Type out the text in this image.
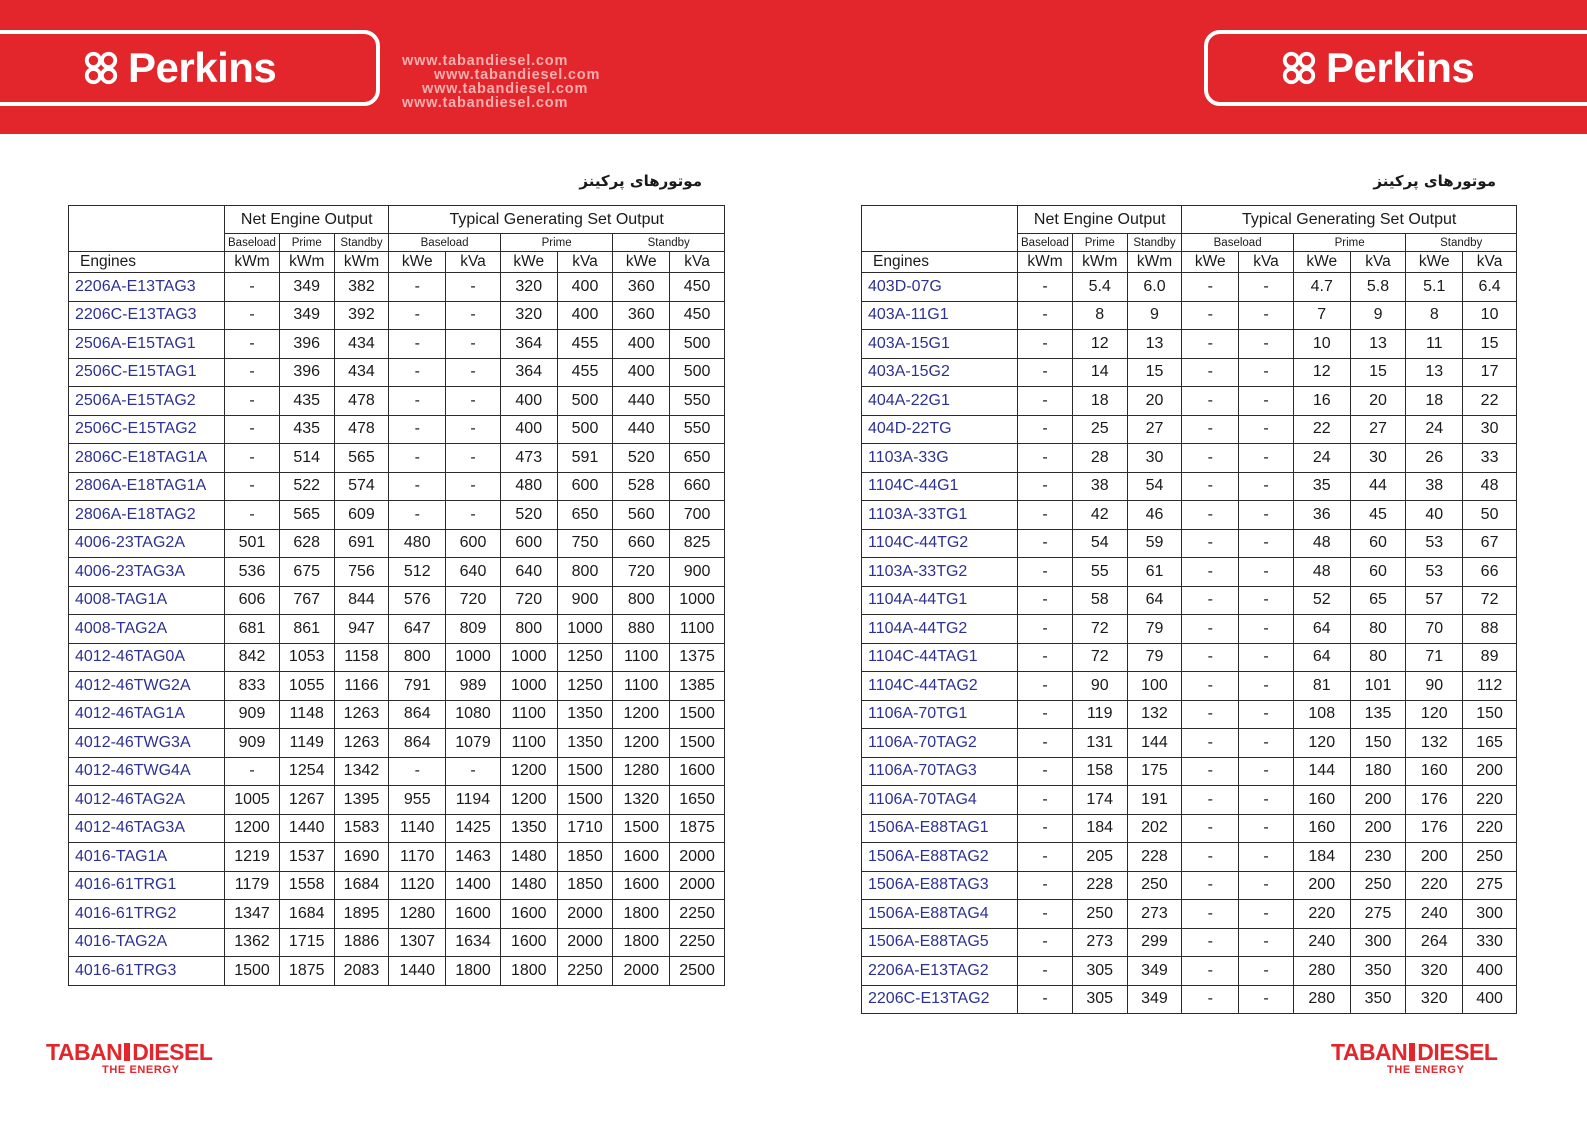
Perkins	www.tabandiesel.com
www.tabandiesel.com
www.tabandiesel.com
www.tabandiesel.com
Perkins
موتورهای پرکینز	موتورهای پرکینز
	Net Engine Output			Typical Generating Set Output					
	Baseload	Prime	Standby	Baseload		Prime		Standby	
Engines	kWm	kWm	kWm	kWe	kVa	kWe	kVa	kWe	kVa
2206A-E13TAG3	-	349	382	-	-	320	400	360	450
2206C-E13TAG3	-	349	392	-	-	320	400	360	450
2506A-E15TAG1	-	396	434	-	-	364	455	400	500
2506C-E15TAG1	-	396	434	-	-	364	455	400	500
2506A-E15TAG2	-	435	478	-	-	400	500	440	550
2506C-E15TAG2	-	435	478	-	-	400	500	440	550
2806C-E18TAG1A	-	514	565	-	-	473	591	520	650
2806A-E18TAG1A	-	522	574	-	-	480	600	528	660
2806A-E18TAG2	-	565	609	-	-	520	650	560	700
4006-23TAG2A	501	628	691	480	600	600	750	660	825
4006-23TAG3A	536	675	756	512	640	640	800	720	900
4008-TAG1A	606	767	844	576	720	720	900	800	1000
4008-TAG2A	681	861	947	647	809	800	1000	880	1100
4012-46TAG0A	842	1053	1158	800	1000	1000	1250	1100	1375
4012-46TWG2A	833	1055	1166	791	989	1000	1250	1100	1385
4012-46TAG1A	909	1148	1263	864	1080	1100	1350	1200	1500
4012-46TWG3A	909	1149	1263	864	1079	1100	1350	1200	1500
4012-46TWG4A	-	1254	1342	-	-	1200	1500	1280	1600
4012-46TAG2A	1005	1267	1395	955	1194	1200	1500	1320	1650
4012-46TAG3A	1200	1440	1583	1140	1425	1350	1710	1500	1875
4016-TAG1A	1219	1537	1690	1170	1463	1480	1850	1600	2000
4016-61TRG1	1179	1558	1684	1120	1400	1480	1850	1600	2000
4016-61TRG2	1347	1684	1895	1280	1600	1600	2000	1800	2250
4016-TAG2A	1362	1715	1886	1307	1634	1600	2000	1800	2250
4016-61TRG3	1500	1875	2083	1440	1800	1800	2250	2000	2500
	Net Engine Output			Typical Generating Set Output					
	Baseload	Prime	Standby	Baseload		Prime		Standby	
Engines	kWm	kWm	kWm	kWe	kVa	kWe	kVa	kWe	kVa
403D-07G	-	5.4	6.0	-	-	4.7	5.8	5.1	6.4
403A-11G1	-	8	9	-	-	7	9	8	10
403A-15G1	-	12	13	-	-	10	13	11	15
403A-15G2	-	14	15	-	-	12	15	13	17
404A-22G1	-	18	20	-	-	16	20	18	22
404D-22TG	-	25	27	-	-	22	27	24	30
1103A-33G	-	28	30	-	-	24	30	26	33
1104C-44G1	-	38	54	-	-	35	44	38	48
1103A-33TG1	-	42	46	-	-	36	45	40	50
1104C-44TG2	-	54	59	-	-	48	60	53	67
1103A-33TG2	-	55	61	-	-	48	60	53	66
1104A-44TG1	-	58	64	-	-	52	65	57	72
1104A-44TG2	-	72	79	-	-	64	80	70	88
1104C-44TAG1	-	72	79	-	-	64	80	71	89
1104C-44TAG2	-	90	100	-	-	81	101	90	112
1106A-70TG1	-	119	132	-	-	108	135	120	150
1106A-70TAG2	-	131	144	-	-	120	150	132	165
1106A-70TAG3	-	158	175	-	-	144	180	160	200
1106A-70TAG4	-	174	191	-	-	160	200	176	220
1506A-E88TAG1	-	184	202	-	-	160	200	176	220
1506A-E88TAG2	-	205	228	-	-	184	230	200	250
1506A-E88TAG3	-	228	250	-	-	200	250	220	275
1506A-E88TAG4	-	250	273	-	-	220	275	240	300
1506A-E88TAG5	-	273	299	-	-	240	300	264	330
2206A-E13TAG2	-	305	349	-	-	280	350	320	400
2206C-E13TAG2	-	305	349	-	-	280	350	320	400
TABAN DIESEL
THE ENERGY
TABAN DIESEL
THE ENERGY
